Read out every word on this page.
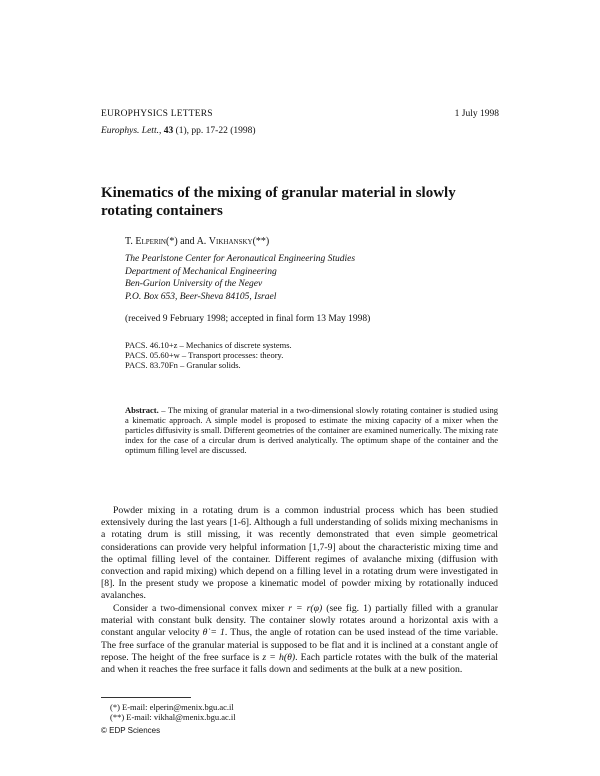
EUROPHYSICS LETTERS	1 July 1998
Europhys. Lett., 43 (1), pp. 17-22 (1998)
Kinematics of the mixing of granular material in slowly rotating containers
T. Elperin(*) and A. Vikhansky(**)
The Pearlstone Center for Aeronautical Engineering Studies
Department of Mechanical Engineering
Ben-Gurion University of the Negev
P.O. Box 653, Beer-Sheva 84105, Israel
(received 9 February 1998; accepted in final form 13 May 1998)
PACS. 46.10+z – Mechanics of discrete systems.
PACS. 05.60+w – Transport processes: theory.
PACS. 83.70Fn – Granular solids.
Abstract. – The mixing of granular material in a two-dimensional slowly rotating container is studied using a kinematic approach. A simple model is proposed to estimate the mixing capacity of a mixer when the particles diffusivity is small. Different geometries of the container are examined numerically. The mixing rate index for the case of a circular drum is derived analytically. The optimum shape of the container and the optimum filling level are discussed.
Powder mixing in a rotating drum is a common industrial process which has been studied extensively during the last years [1-6]. Although a full understanding of solids mixing mechanisms in a rotating drum is still missing, it was recently demonstrated that even simple geometrical considerations can provide very helpful information [1,7-9] about the characteristic mixing time and the optimal filling level of the container. Different regimes of avalanche mixing (diffusion with convection and rapid mixing) which depend on a filling level in a rotating drum were investigated in [8]. In the present study we propose a kinematic model of powder mixing by rotationally induced avalanches.
Consider a two-dimensional convex mixer r = r(φ) (see fig. 1) partially filled with a granular material with constant bulk density. The container slowly rotates around a horizontal axis with a constant angular velocity θ̇ = 1. Thus, the angle of rotation can be used instead of the time variable. The free surface of the granular material is supposed to be flat and it is inclined at a constant angle of repose. The height of the free surface is z = h(θ). Each particle rotates with the bulk of the material and when it reaches the free surface it falls down and sediments at the bulk at a new position.
(*) E-mail: elperin@menix.bgu.ac.il
(**) E-mail: vikhal@menix.bgu.ac.il
© EDP Sciences
